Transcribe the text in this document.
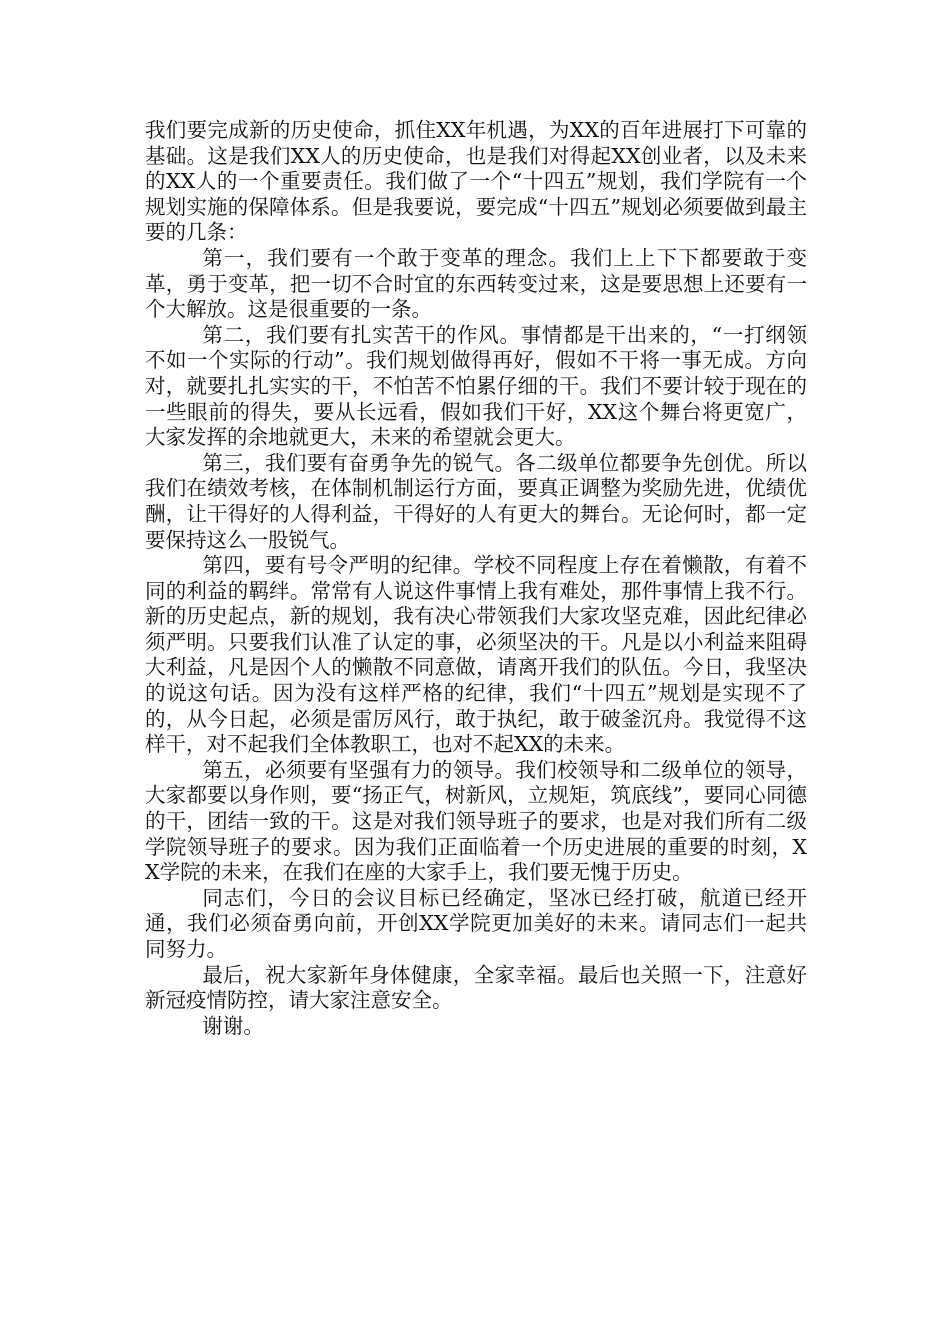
我们要完成新的历史使命，抓住XX年机遇，为XX的百年进展打下可靠的基础。这是我们XX人的历史使命，也是我们对得起XX创业者，以及未来的XX人的一个重要责任。我们做了一个“十四五”规划，我们学院有一个规划实施的保障体系。但是我要说，要完成“十四五”规划必须要做到最主要的几条：

第一，我们要有一个敢于变革的理念。我们上上下下都要敢于变革，勇于变革，把一切不合时宜的东西转变过来，这是要思想上还要有一个大解放。这是很重要的一条。

第二，我们要有扎实苦干的作风。事情都是干出来的，“一打纲领不如一个实际的行动”。我们规划做得再好，假如不干将一事无成。方向对，就要扎扎实实的干，不怕苦不怕累仔细的干。我们不要计较于现在的一些眼前的得失，要从长远看，假如我们干好，XX这个舞台将更宽广，大家发挥的余地就更大，未来的希望就会更大。

第三，我们要有奋勇争先的锐气。各二级单位都要争先创优。所以我们在绩效考核，在体制机制运行方面，要真正调整为奖励先进，优绩优酬，让干得好的人得利益，干得好的人有更大的舞台。无论何时，都一定要保持这么一股锐气。

第四，要有号令严明的纪律。学校不同程度上存在着懒散，有着不同的利益的羁绊。常常有人说这件事情上我有难处，那件事情上我不行。新的历史起点，新的规划，我有决心带领我们大家攻坚克难，因此纪律必须严明。只要我们认准了认定的事，必须坚决的干。凡是以小利益来阻碍大利益，凡是因个人的懒散不同意做，请离开我们的队伍。今日，我坚决的说这句话。因为没有这样严格的纪律，我们“十四五”规划是实现不了的，从今日起，必须是雷厉风行，敢于执纪，敢于破釜沉舟。我觉得不这样干，对不起我们全体教职工，也对不起XX的未来。

第五，必须要有坚强有力的领导。我们校领导和二级单位的领导，大家都要以身作则，要“扬正气，树新风，立规矩，筑底线”，要同心同德的干，团结一致的干。这是对我们领导班子的要求，也是对我们所有二级学院领导班子的要求。因为我们正面临着一个历史进展的重要的时刻，XX学院的未来，在我们在座的大家手上，我们要无愧于历史。

同志们，今日的会议目标已经确定，坚冰已经打破，航道已经开通，我们必须奋勇向前，开创XX学院更加美好的未来。请同志们一起共同努力。

最后，祝大家新年身体健康，全家幸福。最后也关照一下，注意好新冠疫情防控，请大家注意安全。

谢谢。
